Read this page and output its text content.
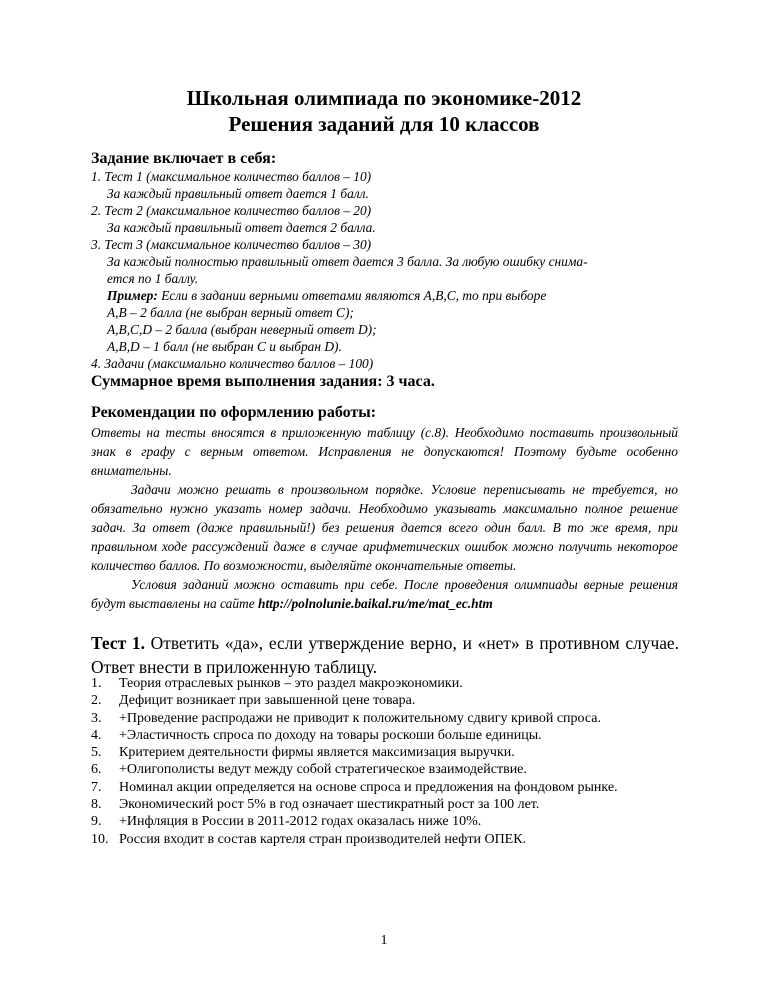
Школьная олимпиада по экономике-2012
Решения заданий для 10 классов
Задание включает в себя:
1. Тест 1 (максимальное количество баллов – 10)
За каждый правильный ответ дается 1 балл.
2. Тест 2 (максимальное количество баллов – 20)
За каждый правильный ответ дается 2 балла.
3. Тест 3 (максимальное количество баллов – 30)
За каждый полностью правильный ответ дается 3 балла. За любую ошибку снима-
ется по 1 баллу.
Пример: Если в задании верными ответами являются А,В,С, то при выборе
А,В – 2 балла (не выбран верный ответ С);
А,В,С,D – 2 балла (выбран неверный ответ D);
А,В,D – 1 балл (не выбран С и выбран D).
4. Задачи (максимально количество баллов – 100)
Суммарное время выполнения задания: 3 часа.
Рекомендации по оформлению работы:
Ответы на тесты вносятся в приложенную таблицу (с.8). Необходимо поставить произвольный знак в графу с верным ответом. Исправления не допускаются! Поэтому будьте особенно внимательны.
Задачи можно решать в произвольном порядке. Условие переписывать не требуется, но обязательно нужно указать номер задачи. Необходимо указывать максимально полное решение задач. За ответ (даже правильный!) без решения дается всего один балл. В то же время, при правильном ходе рассуждений даже в случае арифметических ошибок можно получить некоторое количество баллов. По возможности, выделяйте окончательные ответы.
Условия заданий можно оставить при себе. После проведения олимпиады верные решения будут выставлены на сайте http://polnolunie.baikal.ru/me/mat_ec.htm
Тест 1. Ответить «да», если утверждение верно, и «нет» в противном случае. Ответ внести в приложенную таблицу.
1. Теория отраслевых рынков – это раздел макроэкономики.
2. Дефицит возникает при завышенной цене товара.
3. +Проведение распродажи не приводит к положительному сдвигу кривой спроса.
4. +Эластичность спроса по доходу на товары роскоши больше единицы.
5. Критерием деятельности фирмы является максимизация выручки.
6. +Олигополисты ведут между собой стратегическое взаимодействие.
7. Номинал акции определяется на основе спроса и предложения на фондовом рынке.
8. Экономический рост 5% в год означает шестикратный рост за 100 лет.
9. +Инфляция в России в 2011-2012 годах оказалась ниже 10%.
10. Россия входит в состав картеля стран производителей нефти ОПЕК.
1
